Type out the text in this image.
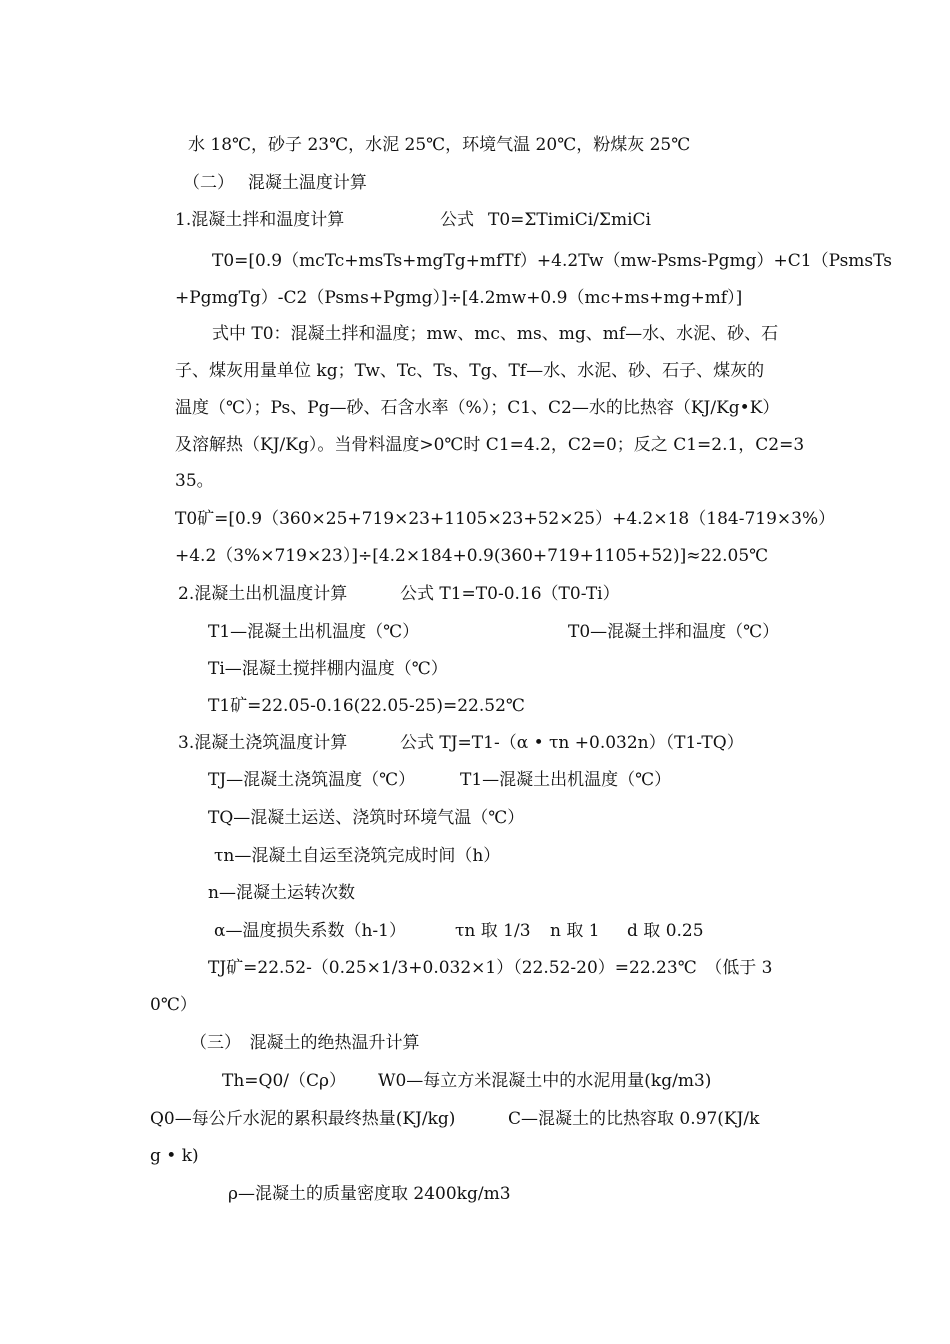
水 18℃，砂子 23℃，水泥 25℃，环境气温 20℃，粉煤灰 25℃
（二）　 混凝土温度计算
1.混凝土拌和温度计算	公式 T0=ΣTimiCi/ΣmiCi
T0=[0.9（mcTc+msTs+mgTg+mfTf）+4.2Tw（mw-Psms-Pgmg）+C1（PsmsTs
+PgmgTg）-C2（Psms+Pgmg）]÷[4.2mw+0.9（mc+ms+mg+mf）]
式中 T0：混凝土拌和温度；mw、mc、ms、mg、mf—水、水泥、砂、石
子、煤灰用量单位 kg；Tw、Tc、Ts、Tg、Tf—水、水泥、砂、石子、煤灰的
温度（℃）；Ps、Pg—砂、石含水率（%）；C1、C2—水的比热容（KJ/Kg•K）
及溶解热（KJ/Kg）。当骨料温度>0℃时 C1=4.2，C2=0；反之 C1=2.1，C2=3
35。
T0矿=[0.9（360×25+719×23+1105×23+52×25）+4.2×18（184-719×3%）
+4.2（3%×719×23）]÷[4.2×184+0.9(360+719+1105+52)]≈22.05℃
2.混凝土出机温度计算	公式 T1=T0-0.16（T0-Ti）
T1—混凝土出机温度（℃）	T0—混凝土拌和温度（℃）
Ti—混凝土搅拌棚内温度（℃）
T1矿=22.05-0.16(22.05-25)=22.52℃
3.混凝土浇筑温度计算	公式 TJ=T1-（α • τn +0.032n）（T1-TQ）
TJ—混凝土浇筑温度（℃）	T1—混凝土出机温度（℃）
TQ—混凝土运送、浇筑时环境气温（℃）
τn—混凝土自运至浇筑完成时间（h）
n—混凝土运转次数
α—温度损失系数（h-1）	τn 取 1/3 n 取 1 d 取 0.25
TJ矿=22.52-（0.25×1/3+0.032×1）（22.52-20）=22.23℃　（低于 3
0℃）
（三）　混凝土的绝热温升计算
Th=Q0/（Cρ） W0—每立方米混凝土中的水泥用量(kg/m3)
Q0—每公斤水泥的累积最终热量(KJ/kg)	C—混凝土的比热容取 0.97(KJ/k
g • k)
ρ—混凝土的质量密度取 2400kg/m3
